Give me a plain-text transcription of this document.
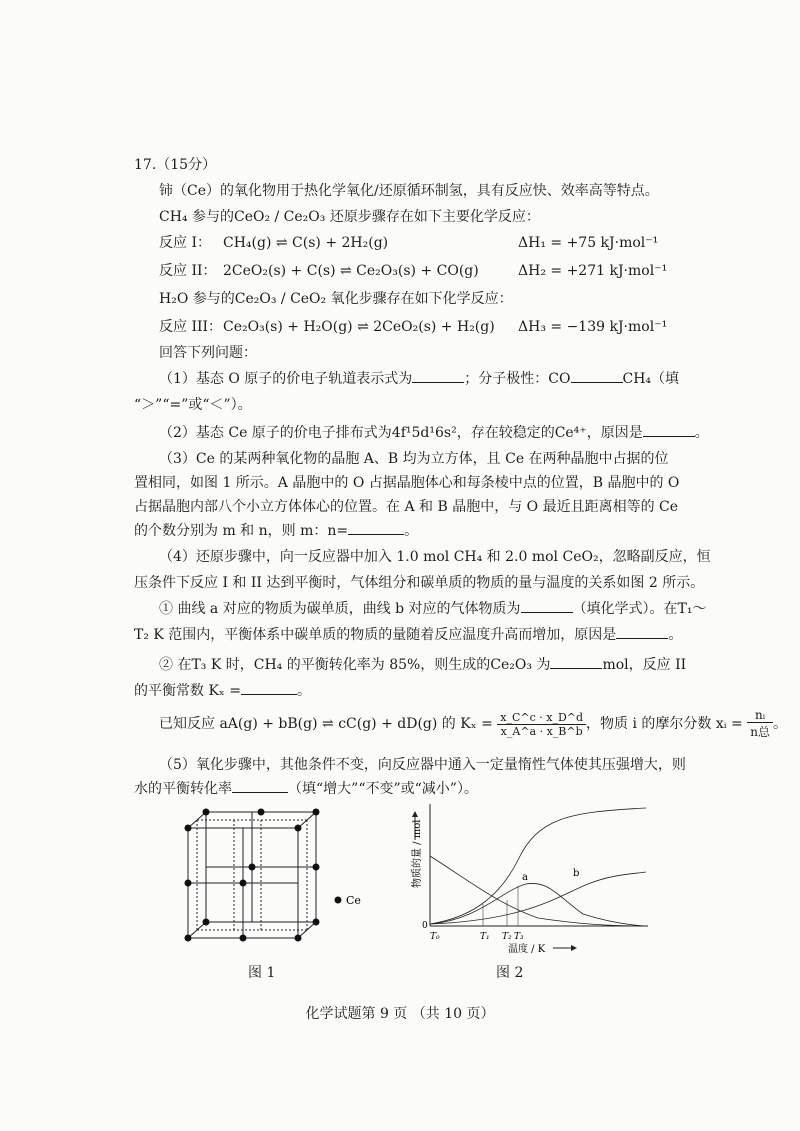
17.（15分）
铈（Ce）的氧化物用于热化学氧化/还原循环制氢，具有反应快、效率高等特点。
CH₄ 参与的CeO₂ / Ce₂O₃ 还原步骤存在如下主要化学反应：
反应 I： CH₄(g) ⇌ C(s) + 2H₂(g)	ΔH₁ = +75 kJ·mol⁻¹
反应 II： 2CeO₂(s) + C(s) ⇌ Ce₂O₃(s) + CO(g)	ΔH₂ = +271 kJ·mol⁻¹
H₂O 参与的Ce₂O₃ / CeO₂ 氧化步骤存在如下化学反应：
反应 III： Ce₂O₃(s) + H₂O(g) ⇌ 2CeO₂(s) + H₂(g) ΔH₃ = −139 kJ·mol⁻¹
回答下列问题：
（1）基态 O 原子的价电子轨道表示式为	；分子极性：CO	CH₄（填
“＞”“=”或“＜”）。
（2）基态 Ce 原子的价电子排布式为4f¹5d¹6s²，存在较稳定的Ce⁴⁺，原因是	。
（3）Ce 的某两种氧化物的晶胞 A、B 均为立方体，且 Ce 在两种晶胞中占据的位
置相同，如图 1 所示。A 晶胞中的 O 占据晶胞体心和每条棱中点的位置，B 晶胞中的 O
占据晶胞内部八个小立方体体心的位置。在 A 和 B 晶胞中，与 O 最近且距离相等的 Ce
的个数分别为 m 和 n，则 m：n=	。
（4）还原步骤中，向一反应器中加入 1.0 mol CH₄ 和 2.0 mol CeO₂，忽略副反应，恒
压条件下反应 I 和 II 达到平衡时，气体组分和碳单质的物质的量与温度的关系如图 2 所示。
① 曲线 a 对应的物质为碳单质，曲线 b 对应的气体物质为	（填化学式）。在T₁～
T₂ K 范围内，平衡体系中碳单质的物质的量随着反应温度升高而增加，原因是	。
② 在T₃ K 时，CH₄ 的平衡转化率为 85%，则生成的Ce₂O₃ 为	mol，反应 II
的平衡常数 Kₓ =	。
已知反应 aA(g) + bB(g) ⇌ cC(g) + dD(g) 的 $K_x = \frac{x\_C\^{}c \cdot x\_D\^{}d}{x\_A\^{}a \cdot x\_B\^{}b}$ ，物质 i 的摩尔分数 xᵢ = $\frac{\text{nᵢ}}{\text{n总}}$ 。
（5）氧化步骤中，其他条件不变，向反应器中通入一定量惰性气体使其压强增大，则
水的平衡转化率	（填“增大”“不变”或“减小”）。
Ce
图 1
物质的量 / mol
0
a	b
T₀	T₁ T₂ T₃
温度 / K
图 2
化学试题第 9 页 （共 10 页）
